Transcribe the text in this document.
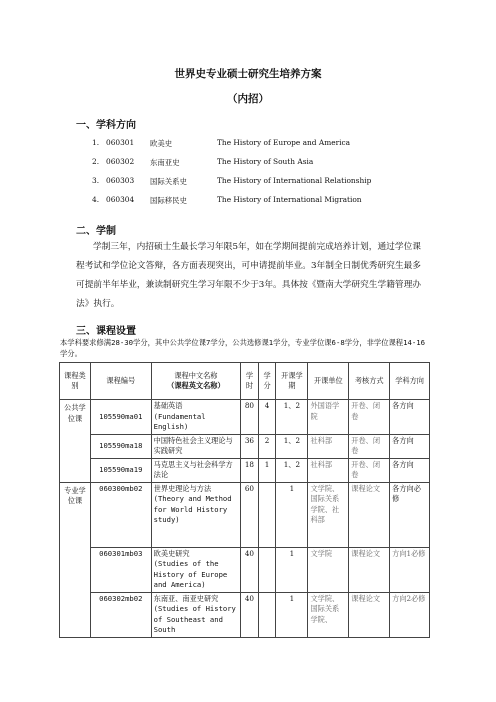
世界史专业硕士研究生培养方案
（内招）
一、学科方向
1. 060301 欧美史	The History of Europe and America
2. 060302 东南亚史	The History of South Asia
3. 060303 国际关系史	The History of International Relationship
4. 060304 国际移民史	The History of International Migration
二、学制
学制三年，内招硕士生最长学习年限5年，如在学期间提前完成培养计划，通过学位课程考试和学位论文答辩，各方面表现突出，可申请提前毕业。3年制全日制优秀研究生最多可提前半年毕业，兼读制研究生学习年限不少于3年。具体按《暨南大学研究生学籍管理办法》执行。
三、课程设置
本学科要求修满28-30学分，其中公共学位课7学分，公共选修课1学分，专业学位课6-8学分，非学位课程14-16学分。
课程类别	课程编号	课程中文名称
（课程英文名称）	学时	学分	开课学期	开课单位	考核方式	学科方向
公共学位课	105590ma01	基础英语
(Fundamental English)	80	4	1、2	外国语学院	开卷、闭卷	各方向
	105590ma18	中国特色社会主义理论与实践研究	36	2	1、2	社科部	开卷、闭卷	各方向
	105590ma19	马克思主义与社会科学方法论	18	1	1、2	社科部	开卷、闭卷	各方向
专业学位课	060300mb02	世界史理论与方法
(Theory and Method for World History study)	60		1	文学院、国际关系学院、社科部	课程论文	各方向必修
	060301mb03	欧美史研究
(Studies of the History of Europe and America)	40		1	文学院	课程论文	方向1必修
	060302mb02	东南亚、南亚史研究
(Studies of History of Southeast and South	40		1	文学院、国际关系学院、	课程论文	方向2必修
